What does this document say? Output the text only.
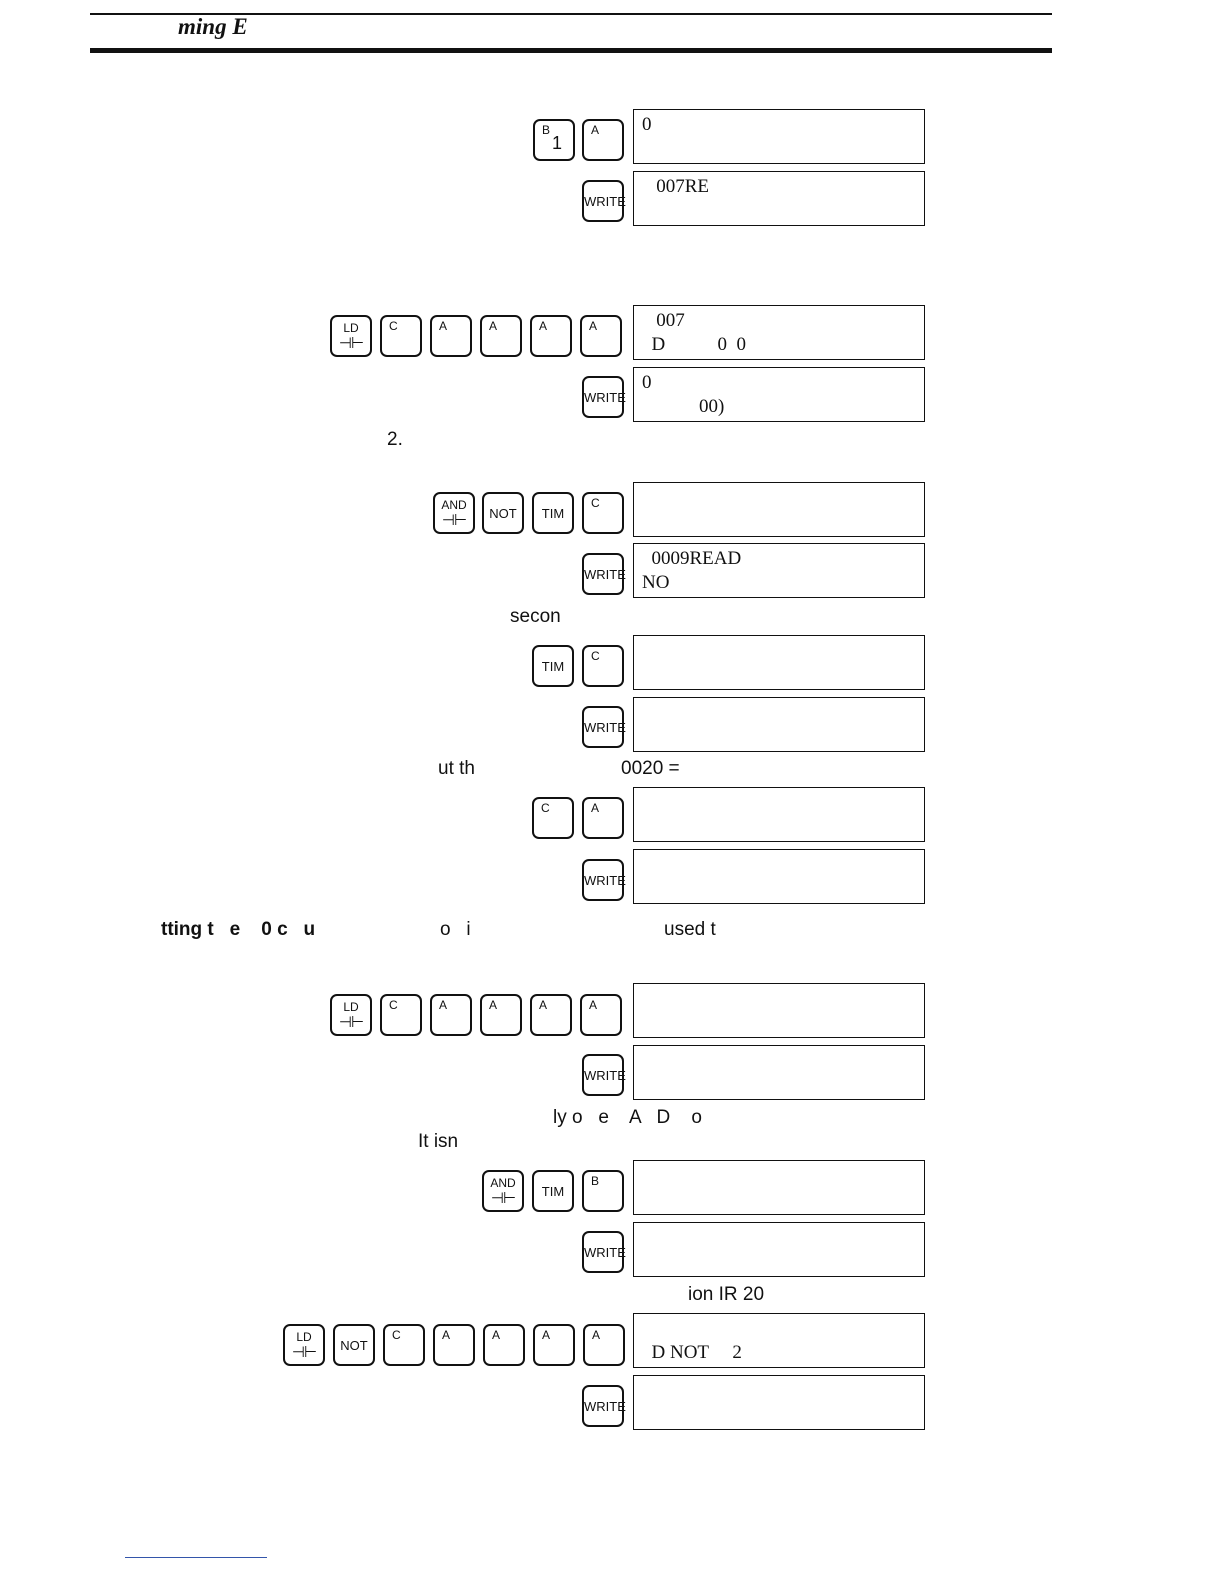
ming E
B
1
A 0
WRITE
007RE
LD
⊣⊢
C	A	A	A	A 007
D           0  0
WRITE
0
00)
2.
AND
⊣⊢	NOT	TIM
C
WRITE
0009READ
NO
secon
TIM
C
WRITE
ut th	0020 =
C	A
WRITE
tting t   e    0 c   u	o   i	used t
LD
⊣⊢
C	A	A	A	A
WRITE
ly o   e    A   D    o
It isn
AND
⊣⊢	TIM
B
WRITE
ion IR 20
LD
⊣⊢	NOT
C	A	A	A	A
D NOT     2
WRITE
